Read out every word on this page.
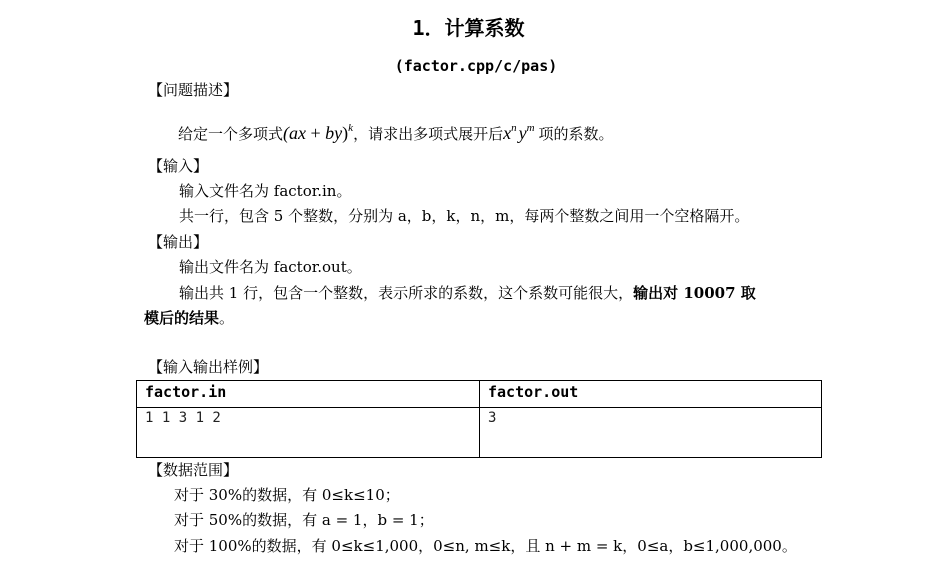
1．计算系数
(factor.cpp/c/pas)
【问题描述】
给定一个多项式(ax + by)$^k$，请求出多项式展开后$x^n$ $y^m$ 项的系数。
【输入】
输入文件名为 factor.in。
共一行，包含 5 个整数，分别为 a，b，k，n，m，每两个整数之间用一个空格隔开。
【输出】
输出文件名为 factor.out。
输出共 1 行，包含一个整数，表示所求的系数，这个系数可能很大，输出对 10007 取
模后的结果。
【输入输出样例】
factor.in	factor.out
1 1 3 1 2	3
【数据范围】
对于 30%的数据，有 0≤k≤10；
对于 50%的数据，有 a = 1，b = 1；
对于 100%的数据，有 0≤k≤1,000，0≤n, m≤k，且 n + m = k，0≤a，b≤1,000,000。
